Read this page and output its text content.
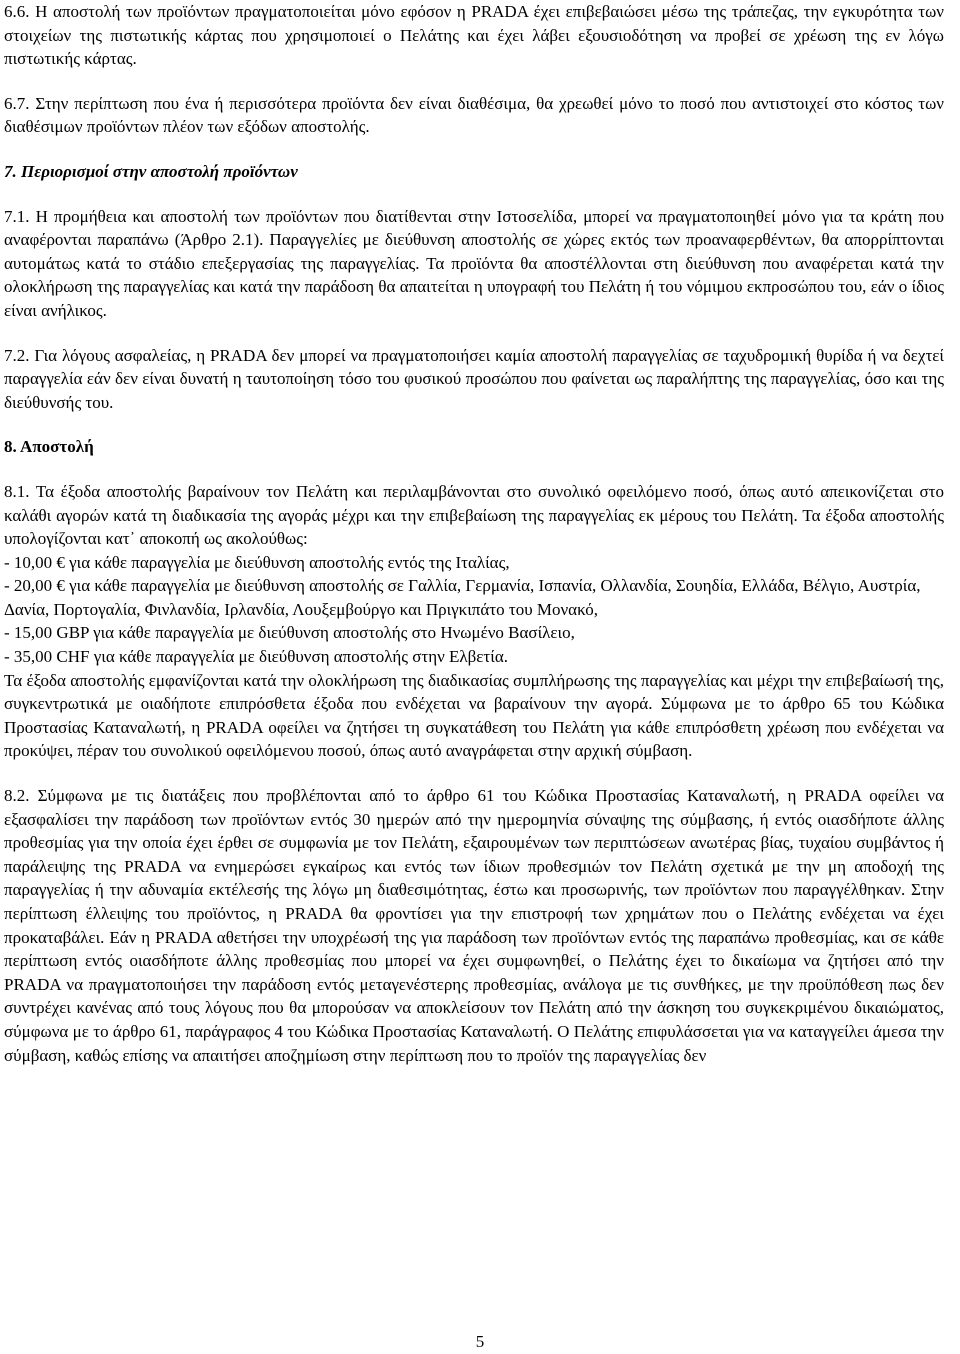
6.6. Η αποστολή των προϊόντων πραγματοποιείται μόνο εφόσον η PRADA έχει επιβεβαιώσει μέσω της τράπεζας, την εγκυρότητα των στοιχείων της πιστωτικής κάρτας που χρησιμοποιεί ο Πελάτης και έχει λάβει εξουσιοδότηση να προβεί σε χρέωση της εν λόγω πιστωτικής κάρτας.

6.7. Στην περίπτωση που ένα ή περισσότερα προϊόντα δεν είναι διαθέσιμα, θα χρεωθεί μόνο το ποσό που αντιστοιχεί στο κόστος των διαθέσιμων προϊόντων πλέον των εξόδων αποστολής.

7. Περιορισμοί στην αποστολή προϊόντων

7.1. Η προμήθεια και αποστολή των προϊόντων που διατίθενται στην Ιστοσελίδα, μπορεί να πραγματοποιηθεί μόνο για τα κράτη που αναφέρονται παραπάνω (Άρθρο 2.1). Παραγγελίες με διεύθυνση αποστολής σε χώρες εκτός των προαναφερθέντων, θα απορρίπτονται αυτομάτως κατά το στάδιο επεξεργασίας της παραγγελίας. Τα προϊόντα θα αποστέλλονται στη διεύθυνση που αναφέρεται κατά την ολοκλήρωση της παραγγελίας και κατά την παράδοση θα απαιτείται η υπογραφή του Πελάτη ή του νόμιμου εκπροσώπου του, εάν ο ίδιος είναι ανήλικος.

7.2. Για λόγους ασφαλείας, η PRADA δεν μπορεί να πραγματοποιήσει καμία αποστολή παραγγελίας σε ταχυδρομική θυρίδα ή να δεχτεί παραγγελία εάν δεν είναι δυνατή η ταυτοποίηση τόσο του φυσικού προσώπου που φαίνεται ως παραλήπτης της παραγγελίας, όσο και της διεύθυνσής του.

8. Αποστολή

8.1. Τα έξοδα αποστολής βαραίνουν τον Πελάτη και περιλαμβάνονται στο συνολικό οφειλόμενο ποσό, όπως αυτό απεικονίζεται στο καλάθι αγορών κατά τη διαδικασία της αγοράς μέχρι και την επιβεβαίωση της παραγγελίας εκ μέρους του Πελάτη. Τα έξοδα αποστολής υπολογίζονται κατ᾽ αποκοπή ως ακολούθως:

- 10,00 € για κάθε παραγγελία με διεύθυνση αποστολής εντός της Ιταλίας,

- 20,00 € για κάθε παραγγελία με διεύθυνση αποστολής σε Γαλλία, Γερμανία, Ισπανία, Ολλανδία, Σουηδία, Ελλάδα, Βέλγιο, Αυστρία, Δανία, Πορτογαλία, Φινλανδία, Ιρλανδία, Λουξεμβούργο και Πριγκιπάτο του Μονακό,

- 15,00 GBP για κάθε παραγγελία με διεύθυνση αποστολής στο Ηνωμένο Βασίλειο,

- 35,00 CHF για κάθε παραγγελία με διεύθυνση αποστολής στην Ελβετία.

Τα έξοδα αποστολής εμφανίζονται κατά την ολοκλήρωση της διαδικασίας συμπλήρωσης της παραγγελίας και μέχρι την επιβεβαίωσή της, συγκεντρωτικά με οιαδήποτε επιπρόσθετα έξοδα που ενδέχεται να βαραίνουν την αγορά. Σύμφωνα με το άρθρο 65 του Κώδικα Προστασίας Καταναλωτή, η PRADA οφείλει να ζητήσει τη συγκατάθεση του Πελάτη για κάθε επιπρόσθετη χρέωση που ενδέχεται να προκύψει, πέραν του συνολικού οφειλόμενου ποσού, όπως αυτό αναγράφεται στην αρχική σύμβαση.

8.2. Σύμφωνα με τις διατάξεις που προβλέπονται από το άρθρο 61 του Κώδικα Προστασίας Καταναλωτή, η PRADA οφείλει να εξασφαλίσει την παράδοση των προϊόντων εντός 30 ημερών από την ημερομηνία σύναψης της σύμβασης, ή εντός οιασδήποτε άλλης προθεσμίας για την οποία έχει έρθει σε συμφωνία με τον Πελάτη, εξαιρουμένων των περιπτώσεων ανωτέρας βίας, τυχαίου συμβάντος ή παράλειψης της PRADA να ενημερώσει εγκαίρως και εντός των ίδιων προθεσμιών τον Πελάτη σχετικά με την μη αποδοχή της παραγγελίας ή την αδυναμία εκτέλεσής της λόγω μη διαθεσιμότητας, έστω και προσωρινής, των προϊόντων που παραγγέλθηκαν. Στην περίπτωση έλλειψης του προϊόντος, η PRADA θα φροντίσει για την επιστροφή των χρημάτων που ο Πελάτης ενδέχεται να έχει προκαταβάλει. Εάν η PRADA αθετήσει την υποχρέωσή της για παράδοση των προϊόντων εντός της παραπάνω προθεσμίας, και σε κάθε περίπτωση εντός οιασδήποτε άλλης προθεσμίας που μπορεί να έχει συμφωνηθεί, ο Πελάτης έχει το δικαίωμα να ζητήσει από την PRADA να πραγματοποιήσει την παράδοση εντός μεταγενέστερης προθεσμίας, ανάλογα με τις συνθήκες, με την προϋπόθεση πως δεν συντρέχει κανένας από τους λόγους που θα μπορούσαν να αποκλείσουν τον Πελάτη από την άσκηση του συγκεκριμένου δικαιώματος, σύμφωνα με το άρθρο 61, παράγραφος 4 του Κώδικα Προστασίας Καταναλωτή. Ο Πελάτης επιφυλάσσεται για να καταγγείλει άμεσα την σύμβαση, καθώς επίσης να απαιτήσει αποζημίωση στην περίπτωση που το προϊόν της παραγγελίας δεν

5
